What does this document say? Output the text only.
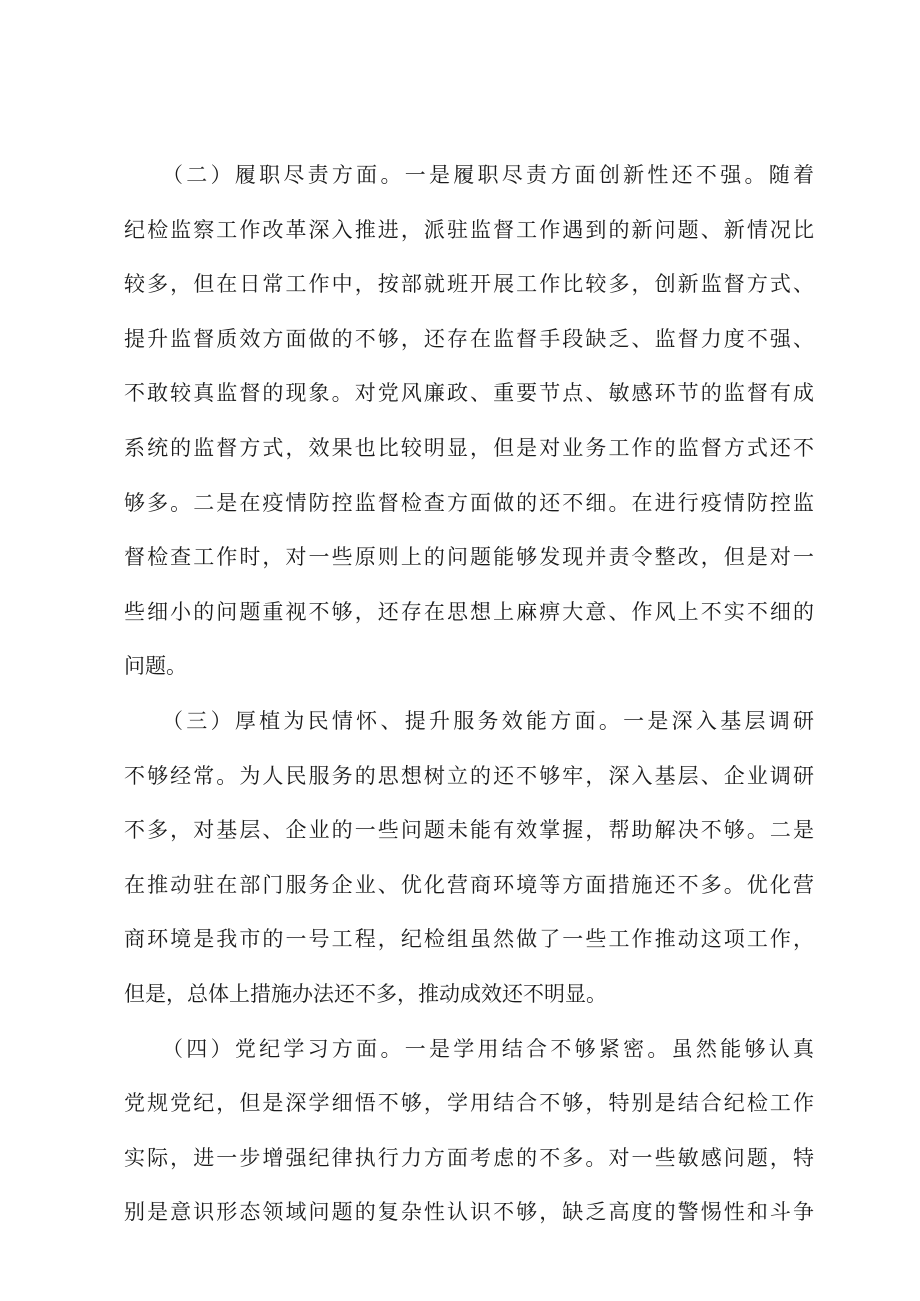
　　（二）履职尽责方面。一是履职尽责方面创新性还不强。随着
纪检监察工作改革深入推进，派驻监督工作遇到的新问题、新情况比
较多，但在日常工作中，按部就班开展工作比较多，创新监督方式、
提升监督质效方面做的不够，还存在监督手段缺乏、监督力度不强、
不敢较真监督的现象。对党风廉政、重要节点、敏感环节的监督有成
系统的监督方式，效果也比较明显，但是对业务工作的监督方式还不
够多。二是在疫情防控监督检查方面做的还不细。在进行疫情防控监
督检查工作时，对一些原则上的问题能够发现并责令整改，但是对一
些细小的问题重视不够，还存在思想上麻痹大意、作风上不实不细的
问题。
　　（三）厚植为民情怀、提升服务效能方面。一是深入基层调研
不够经常。为人民服务的思想树立的还不够牢，深入基层、企业调研
不多，对基层、企业的一些问题未能有效掌握，帮助解决不够。二是
在推动驻在部门服务企业、优化营商环境等方面措施还不多。优化营
商环境是我市的一号工程，纪检组虽然做了一些工作推动这项工作，
但是，总体上措施办法还不多，推动成效还不明显。
　　（四）党纪学习方面。一是学用结合不够紧密。虽然能够认真
党规党纪，但是深学细悟不够，学用结合不够，特别是结合纪检工作
实际，进一步增强纪律执行力方面考虑的不多。对一些敏感问题，特
别是意识形态领域问题的复杂性认识不够，缺乏高度的警惕性和斗争
